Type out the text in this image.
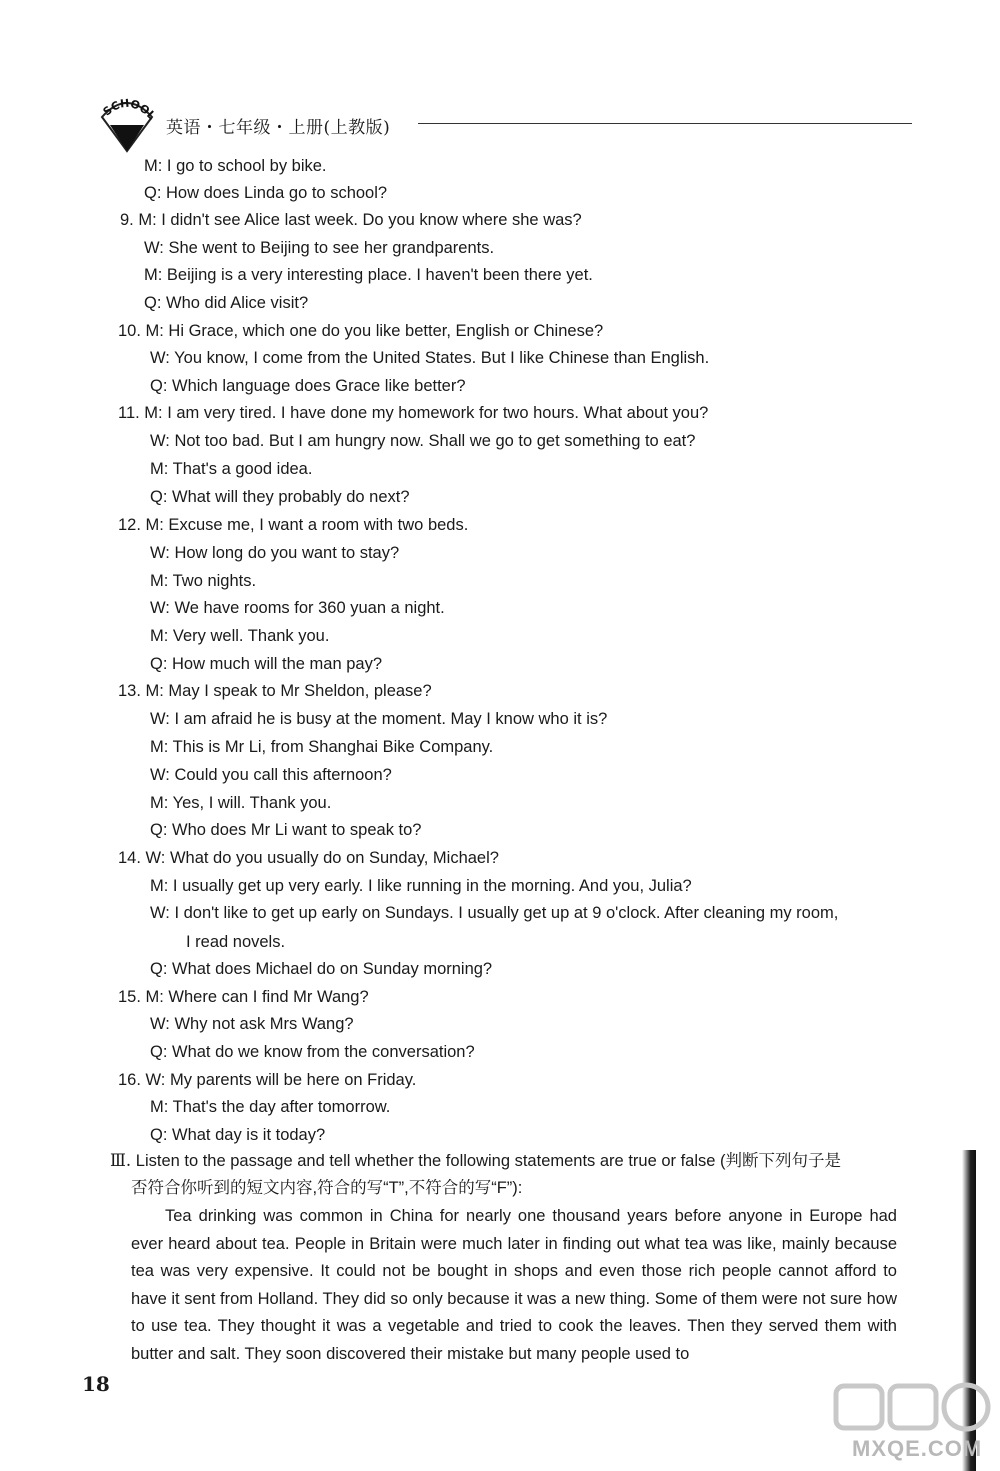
SCHOOL
英语・七年级・上册(上教版)
M: I go to school by bike.
Q: How does Linda go to school?
9. M: I didn't see Alice last week. Do you know where she was?
W: She went to Beijing to see her grandparents.
M: Beijing is a very interesting place. I haven't been there yet.
Q: Who did Alice visit?
10. M: Hi Grace, which one do you like better, English or Chinese?
W: You know, I come from the United States. But I like Chinese than English.
Q: Which language does Grace like better?
11. M: I am very tired. I have done my homework for two hours. What about you?
W: Not too bad. But I am hungry now. Shall we go to get something to eat?
M: That's a good idea.
Q: What will they probably do next?
12. M: Excuse me, I want a room with two beds.
W: How long do you want to stay?
M: Two nights.
W: We have rooms for 360 yuan a night.
M: Very well. Thank you.
Q: How much will the man pay?
13. M: May I speak to Mr Sheldon, please?
W: I am afraid he is busy at the moment. May I know who it is?
M: This is Mr Li, from Shanghai Bike Company.
W: Could you call this afternoon?
M: Yes, I will. Thank you.
Q: Who does Mr Li want to speak to?
14. W: What do you usually do on Sunday, Michael?
M: I usually get up very early. I like running in the morning. And you, Julia?
W: I don't like to get up early on Sundays. I usually get up at 9 o'clock. After cleaning my room,
I read novels.
Q: What does Michael do on Sunday morning?
15. M: Where can I find Mr Wang?
W: Why not ask Mrs Wang?
Q: What do we know from the conversation?
16. W: My parents will be here on Friday.
M: That's the day after tomorrow.
Q: What day is it today?
Ⅲ. Listen to the passage and tell whether the following statements are true or false (判断下列句子是
否符合你听到的短文内容,符合的写“T”,不符合的写“F”):
Tea drinking was common in China for nearly one thousand years before anyone in Europe had ever heard about tea. People in Britain were much later in finding out what tea was like, mainly because tea was very expensive. It could not be bought in shops and even those rich people cannot afford to have it sent from Holland. They did so only because it was a new thing. Some of them were not sure how to use tea. They thought it was a vegetable and tried to cook the leaves. Then they served them with butter and salt. They soon discovered their mistake but many people used to
18
MXQE.COM
